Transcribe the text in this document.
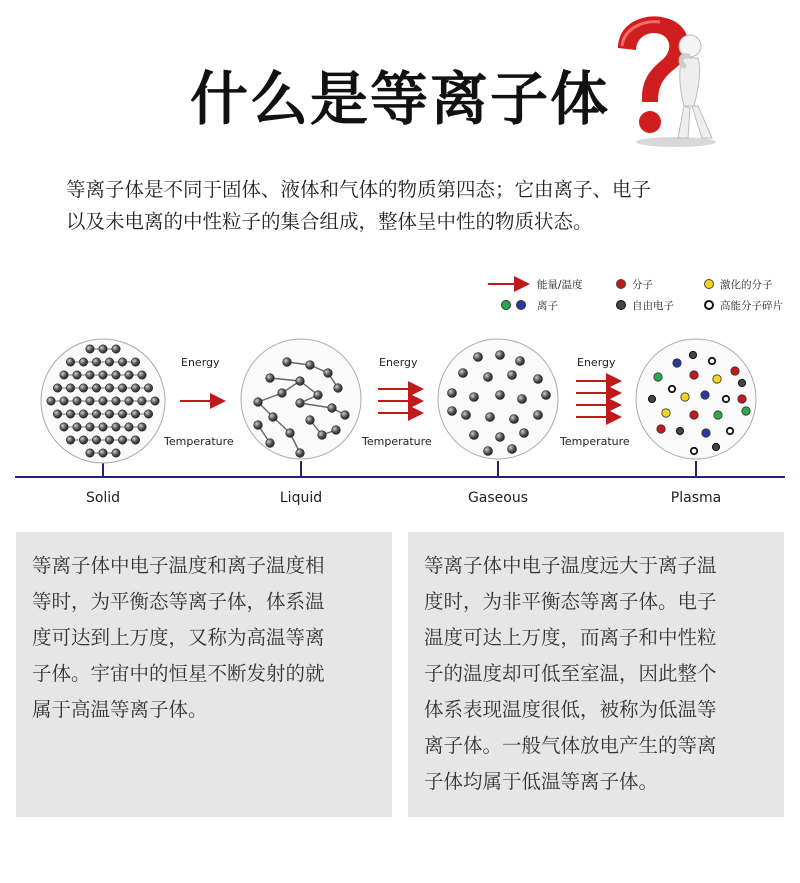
什么是等离子体
等离子体是不同于固体、液体和气体的物质第四态；它由离子、电子
以及未电离的中性粒子的集合组成，整体呈中性的物质状态。
能量/温度	分子	激化的分子
离子	自由电子	高能分子碎片
Energy
Temperature
Energy
Temperature
Energy
Temperature
Solid	Liquid	Gaseous	Plasma
等离子体中电子温度和离子温度相
等时，为平衡态等离子体，体系温
度可达到上万度，又称为高温等离
子体。宇宙中的恒星不断发射的就
属于高温等离子体。
等离子体中电子温度远大于离子温
度时，为非平衡态等离子体。电子
温度可达上万度，而离子和中性粒
子的温度却可低至室温，因此整个
体系表现温度很低，被称为低温等
离子体。一般气体放电产生的等离
子体均属于低温等离子体。
